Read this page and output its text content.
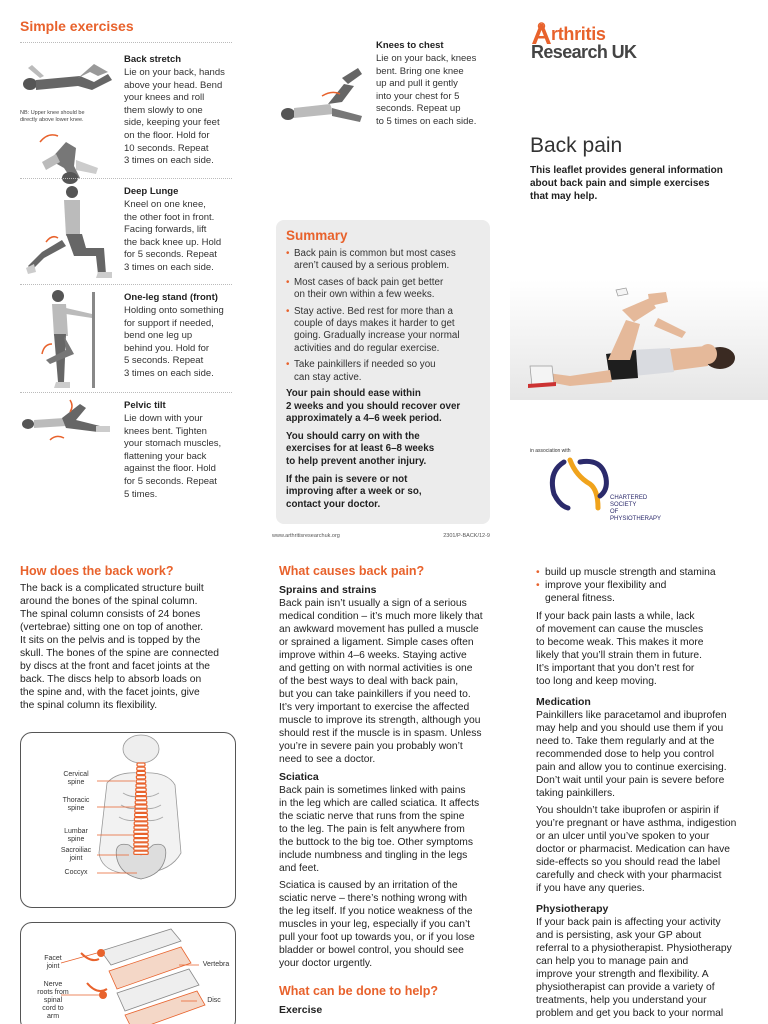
Simple exercises
NB: Upper knee should be
directly above lower knee.
Back stretch
Lie on your back, hands
above your head. Bend
your knees and roll
them slowly to one
side, keeping your feet
on the floor. Hold for
10 seconds. Repeat
3 times on each side.
Deep Lunge
Kneel on one knee,
the other foot in front.
Facing forwards, lift
the back knee up. Hold
for 5 seconds. Repeat
3 times on each side.
One-leg stand (front)
Holding onto something
for support if needed,
bend one leg up
behind you. Hold for
5 seconds. Repeat
3 times on each side.
Pelvic tilt
Lie down with your
knees bent. Tighten
your stomach muscles,
flattening your back
against the floor. Hold
for 5 seconds. Repeat
5 times.
Knees to chest
Lie on your back, knees
bent. Bring one knee
up and pull it gently
into your chest for 5
seconds. Repeat up
to 5 times on each side.
Summary
• Back pain is common but most cases
aren’t caused by a serious problem.
• Most cases of back pain get better
on their own within a few weeks.
• Stay active. Bed rest for more than a
couple of days makes it harder to get
going. Gradually increase your normal
activities and do regular exercise.
• Take painkillers if needed so you
can stay active.
Your pain should ease within
2 weeks and you should recover over
approximately a 4–6 week period.
You should carry on with the
exercises for at least 6–8 weeks
to help prevent another injury.
If the pain is severe or not
improving after a week or so,
contact your doctor.
www.arthritisresearchuk.org	2301/P-BACK/12-9
rthritis
Research UK
Back pain
This leaflet provides general information
about back pain and simple exercises
that may help.
in association with
CHARTERED
SOCIETY
OF
PHYSIOTHERAPY
How does the back work?
The back is a complicated structure built
around the bones of the spinal column.
The spinal column consists of 24 bones
(vertebrae) sitting one on top of another.
It sits on the pelvis and is topped by the
skull. The bones of the spine are connected
by discs at the front and facet joints at the
back. The discs help to absorb loads on
the spine and, with the facet joints, give
the spinal column its flexibility.
Cervical
spine
Thoracic
spine
Lumbar
spine
Sacroiliac
joint
Coccyx
Facet
joint
Nerve
roots from
spinal
cord to
arm
Vertebra
Disc
What causes back pain?
Sprains and strains
Back pain isn’t usually a sign of a serious
medical condition – it’s much more likely that
an awkward movement has pulled a muscle
or sprained a ligament. Simple cases often
improve within 4–6 weeks. Staying active
and getting on with normal activities is one
of the best ways to deal with back pain,
but you can take painkillers if you need to.
It’s very important to exercise the affected
muscle to improve its strength, although you
should rest if the muscle is in spasm. Unless
you’re in severe pain you probably won’t
need to see a doctor.
Sciatica
Back pain is sometimes linked with pains
in the leg which are called sciatica. It affects
the sciatic nerve that runs from the spine
to the leg. The pain is felt anywhere from
the buttock to the big toe. Other symptoms
include numbness and tingling in the legs
and feet.
Sciatica is caused by an irritation of the
sciatic nerve – there’s nothing wrong with
the leg itself. If you notice weakness of the
muscles in your leg, especially if you can’t
pull your foot up towards you, or if you lose
bladder or bowel control, you should see
your doctor urgently.
What can be done to help?
Exercise
• build up muscle strength and stamina
• improve your flexibility and
general fitness.
If your back pain lasts a while, lack
of movement can cause the muscles
to become weak. This makes it more
likely that you’ll strain them in future.
It’s important that you don’t rest for
too long and keep moving.
Medication
Painkillers like paracetamol and ibuprofen
may help and you should use them if you
need to. Take them regularly and at the
recommended dose to help you control
pain and allow you to continue exercising.
Don’t wait until your pain is severe before
taking painkillers.
You shouldn’t take ibuprofen or aspirin if
you’re pregnant or have asthma, indigestion
or an ulcer until you’ve spoken to your
doctor or pharmacist. Medication can have
side-effects so you should read the label
carefully and check with your pharmacist
if you have any queries.
Physiotherapy
If your back pain is affecting your activity
and is persisting, ask your GP about
referral to a physiotherapist. Physiotherapy
can help you to manage pain and
improve your strength and flexibility. A
physiotherapist can provide a variety of
treatments, help you understand your
problem and get you back to your normal
